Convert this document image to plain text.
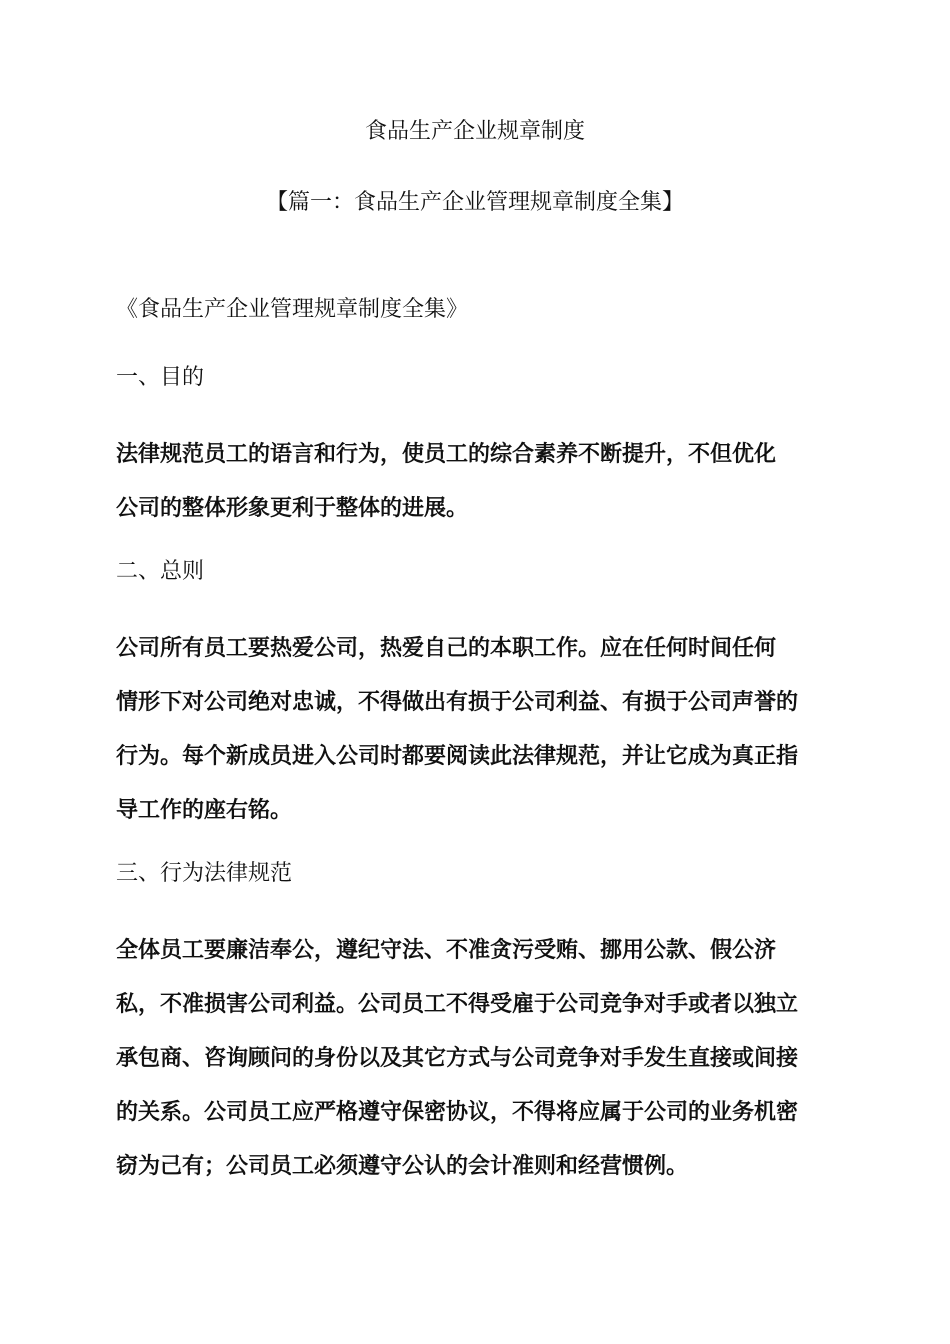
食品生产企业规章制度
【篇一：食品生产企业管理规章制度全集】
《食品生产企业管理规章制度全集》
一、目的
法律规范员工的语言和行为，使员工的综合素养不断提升，不但优化
公司的整体形象更利于整体的进展。
二、总则
公司所有员工要热爱公司，热爱自己的本职工作。应在任何时间任何
情形下对公司绝对忠诚，不得做出有损于公司利益、有损于公司声誉的
行为。每个新成员进入公司时都要阅读此法律规范，并让它成为真正指
导工作的座右铭。
三、行为法律规范
全体员工要廉洁奉公，遵纪守法、不准贪污受贿、挪用公款、假公济
私，不准损害公司利益。公司员工不得受雇于公司竞争对手或者以独立
承包商、咨询顾问的身份以及其它方式与公司竞争对手发生直接或间接
的关系。公司员工应严格遵守保密协议，不得将应属于公司的业务机密
窃为己有；公司员工必须遵守公认的会计准则和经营惯例。
